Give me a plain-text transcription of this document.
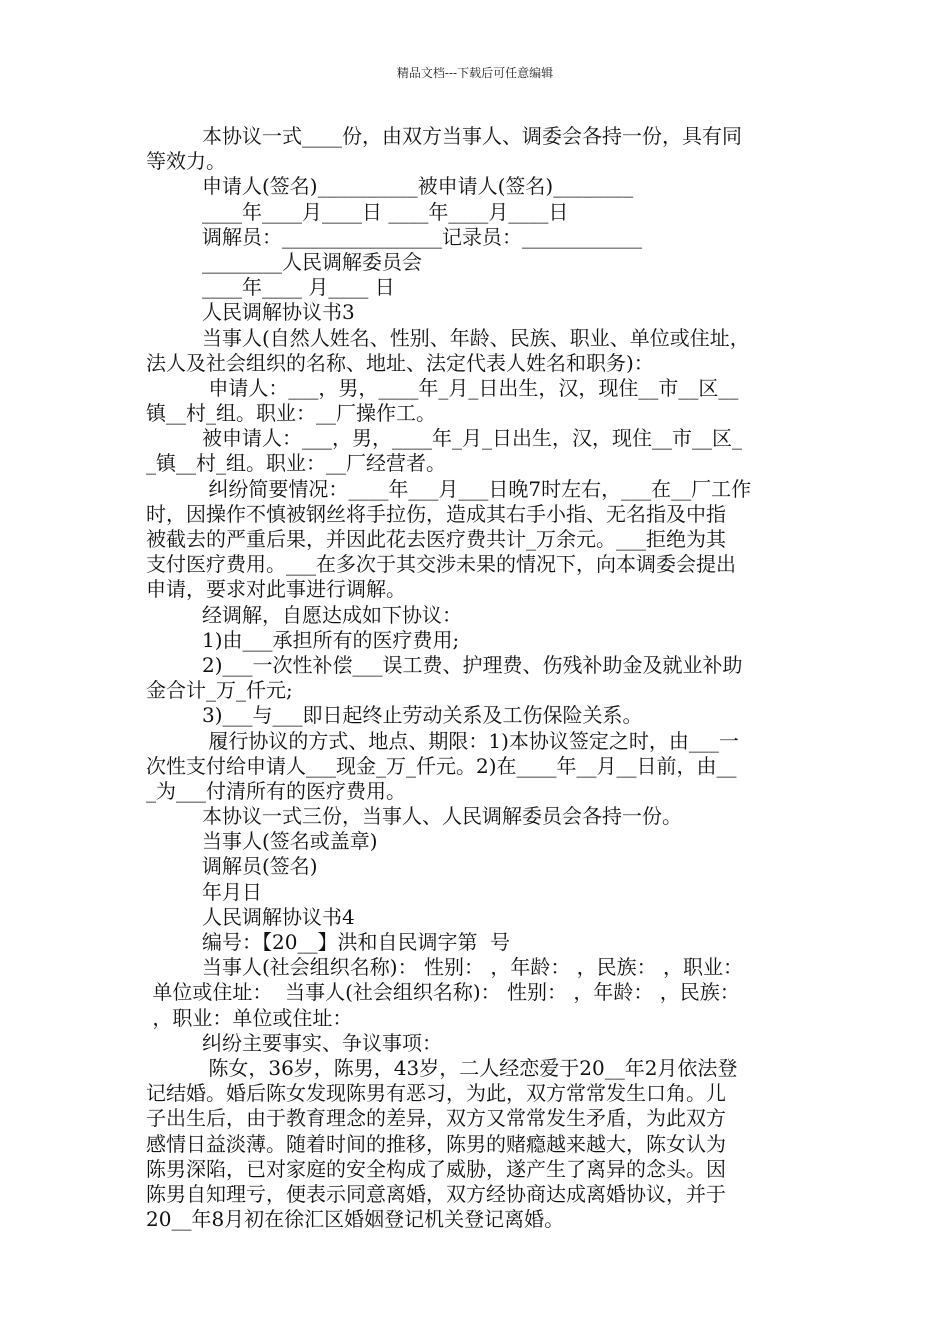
精品文档---下载后可任意编辑
本协议一式____份，由双方当事人、调委会各持一份，具有同
等效力。
申请人(签名)__________被申请人(签名)________
____年____月____日 ____年____月____日
调解员：________________记录员：____________
________人民调解委员会
____年____ 月____ 日
人民调解协议书3
当事人(自然人姓名、性别、年龄、民族、职业、单位或住址，
法人及社会组织的名称、地址、法定代表人姓名和职务)：
申请人：___，男，____年_月_日出生，汉，现住__市__区__
镇__村_组。职业：__厂操作工。
被申请人：___，男，____年_月_日出生，汉，现住__市__区_
_镇__村_组。职业：__厂经营者。
纠纷简要情况：____年___月___日晚7时左右，___在__厂工作
时，因操作不慎被钢丝将手拉伤，造成其右手小指、无名指及中指
被截去的严重后果，并因此花去医疗费共计_万余元。___拒绝为其
支付医疗费用。___在多次于其交涉未果的情况下，向本调委会提出
申请，要求对此事进行调解。
经调解，自愿达成如下协议：
1)由___承担所有的医疗费用;
2)___一次性补偿___误工费、护理费、伤残补助金及就业补助
金合计_万_仟元;
3)___与___即日起终止劳动关系及工伤保险关系。
履行协议的方式、地点、期限：1)本协议签定之时，由___一
次性支付给申请人___现金_万_仟元。2)在____年__月__日前，由__
_为___付清所有的医疗费用。
本协议一式三份，当事人、人民调解委员会各持一份。
当事人(签名或盖章)
调解员(签名)
年月日
人民调解协议书4
编号：【20__】洪和自民调字第  号
当事人(社会组织名称)： 性别： ，年龄： ，民族： ，职业：
单位或住址：  当事人(社会组织名称)： 性别： ，年龄： ，民族：
，职业：单位或住址：
纠纷主要事实、争议事项：
陈女，36岁，陈男，43岁，二人经恋爱于20__年2月依法登
记结婚。婚后陈女发现陈男有恶习，为此，双方常常发生口角。儿
子出生后，由于教育理念的差异，双方又常常发生矛盾，为此双方
感情日益淡薄。随着时间的推移，陈男的赌瘾越来越大，陈女认为
陈男深陷，已对家庭的安全构成了威胁，遂产生了离异的念头。因
陈男自知理亏，便表示同意离婚，双方经协商达成离婚协议，并于
20__年8月初在徐汇区婚姻登记机关登记离婚。
